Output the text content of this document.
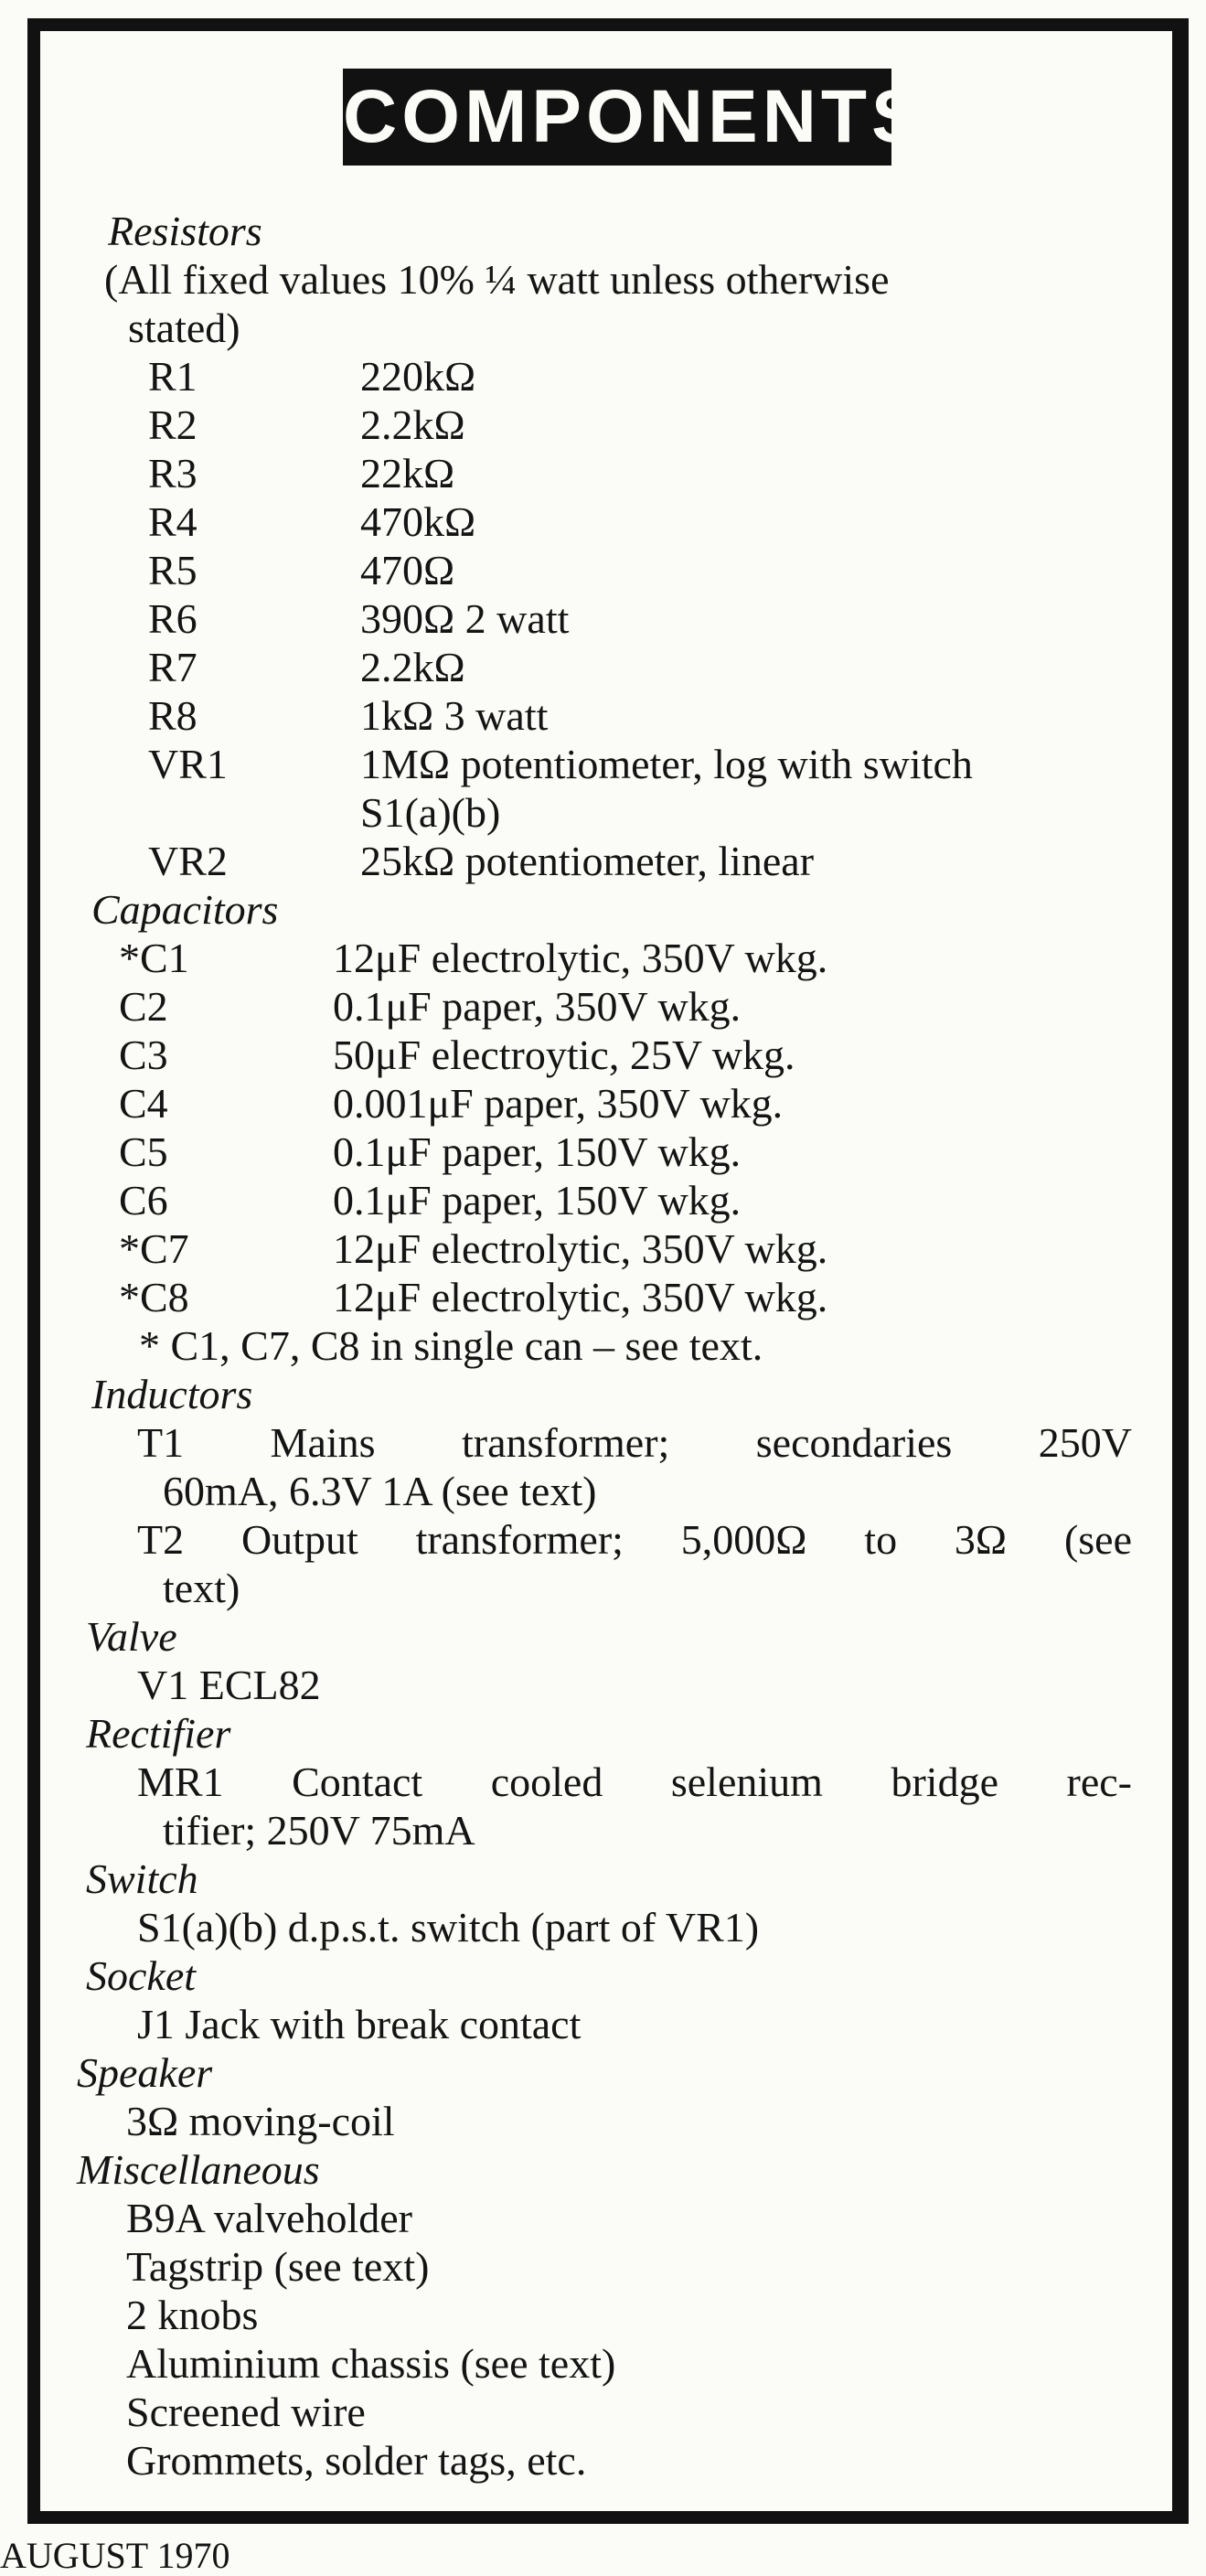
COMPONENTS
Resistors
(All fixed values 10% ¼ watt unless otherwise
stated)
R1	220kΩ
R2	2.2kΩ
R3	22kΩ
R4	470kΩ
R5	470Ω
R6	390Ω 2 watt
R7	2.2kΩ
R8	1kΩ 3 watt
VR1	1MΩ potentiometer, log with switch
S1(a)(b)
VR2	25kΩ potentiometer, linear
Capacitors
*C1	12μF electrolytic, 350V wkg.
C2	0.1μF paper, 350V wkg.
C3	50μF electroytic, 25V wkg.
C4	0.001μF paper, 350V wkg.
C5	0.1μF paper, 150V wkg.
C6	0.1μF paper, 150V wkg.
*C7	12μF electrolytic, 350V wkg.
*C8	12μF electrolytic, 350V wkg.
* C1, C7, C8 in single can – see text.
Inductors
T1 Mains transformer; secondaries 250V
60mA, 6.3V 1A (see text)
T2 Output transformer; 5,000Ω to 3Ω (see
text)
Valve
V1 ECL82
Rectifier
MR1 Contact cooled selenium bridge rec-
tifier; 250V 75mA
Switch
S1(a)(b) d.p.s.t. switch (part of VR1)
Socket
J1 Jack with break contact
Speaker
3Ω moving-coil
Miscellaneous
B9A valveholder
Tagstrip (see text)
2 knobs
Aluminium chassis (see text)
Screened wire
Grommets, solder tags, etc.
AUGUST 1970
